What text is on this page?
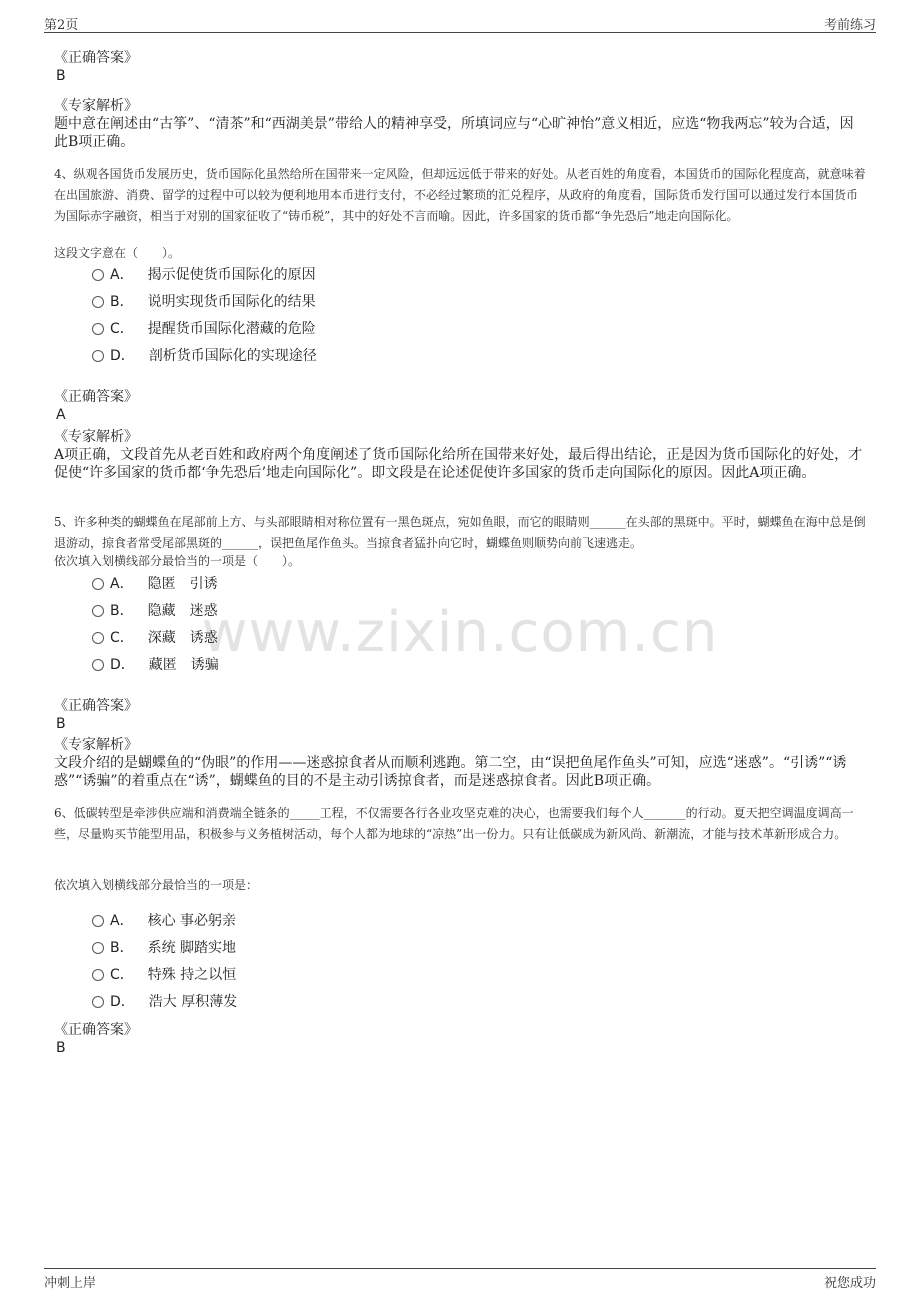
第2页	考前练习
www.zixin.com.cn
《正确答案》
B
《专家解析》
题中意在阐述由“古筝”、“清茶”和“西湖美景”带给人的精神享受，所填词应与“心旷神怡”意义相近，应选“物我两忘”较为合适，因此B项正确。
4、纵观各国货币发展历史，货币国际化虽然给所在国带来一定风险，但却远远低于带来的好处。从老百姓的角度看，本国货币的国际化程度高，就意味着在出国旅游、消费、留学的过程中可以较为便利地用本币进行支付，不必经过繁琐的汇兑程序，从政府的角度看，国际货币发行国可以通过发行本国货币为国际赤字融资，相当于对别的国家征收了“铸币税”，其中的好处不言而喻。因此，许多国家的货币都“争先恐后”地走向国际化。
这段文字意在（　　）。
A． 揭示促使货币国际化的原因
B． 说明实现货币国际化的结果
C． 提醒货币国际化潜藏的危险
D． 剖析货币国际化的实现途径
《正确答案》
A
《专家解析》
A项正确，文段首先从老百姓和政府两个角度阐述了货币国际化给所在国带来好处，最后得出结论，正是因为货币国际化的好处，才促使“许多国家的货币都‘争先恐后’地走向国际化”。即文段是在论述促使许多国家的货币走向国际化的原因。因此A项正确。
5、许多种类的蝴蝶鱼在尾部前上方、与头部眼睛相对称位置有一黑色斑点，宛如鱼眼，而它的眼睛则______在头部的黑斑中。平时，蝴蝶鱼在海中总是倒退游动，掠食者常受尾部黑斑的______，误把鱼尾作鱼头。当掠食者猛扑向它时，蝴蝶鱼则顺势向前飞速逃走。
依次填入划横线部分最恰当的一项是（　　）。
A． 隐匿　引诱
B． 隐藏　迷惑
C． 深藏　诱惑
D． 藏匿　诱骗
《正确答案》
B
《专家解析》
文段介绍的是蝴蝶鱼的“伪眼”的作用——迷惑掠食者从而顺利逃跑。第二空，由“误把鱼尾作鱼头”可知，应选“迷惑”。“引诱”“诱惑”“诱骗”的着重点在“诱”，蝴蝶鱼的目的不是主动引诱掠食者，而是迷惑掠食者。因此B项正确。
6、低碳转型是牵涉供应端和消费端全链条的_____工程，不仅需要各行各业攻坚克难的决心，也需要我们每个人_______的行动。夏天把空调温度调高一些，尽量购买节能型用品，积极参与义务植树活动，每个人都为地球的“凉热”出一份力。只有让低碳成为新风尚、新潮流，才能与技术革新形成合力。
依次填入划横线部分最恰当的一项是：
A． 核心 事必躬亲
B． 系统 脚踏实地
C． 特殊 持之以恒
D． 浩大 厚积薄发
《正确答案》
B
冲刺上岸	祝您成功
